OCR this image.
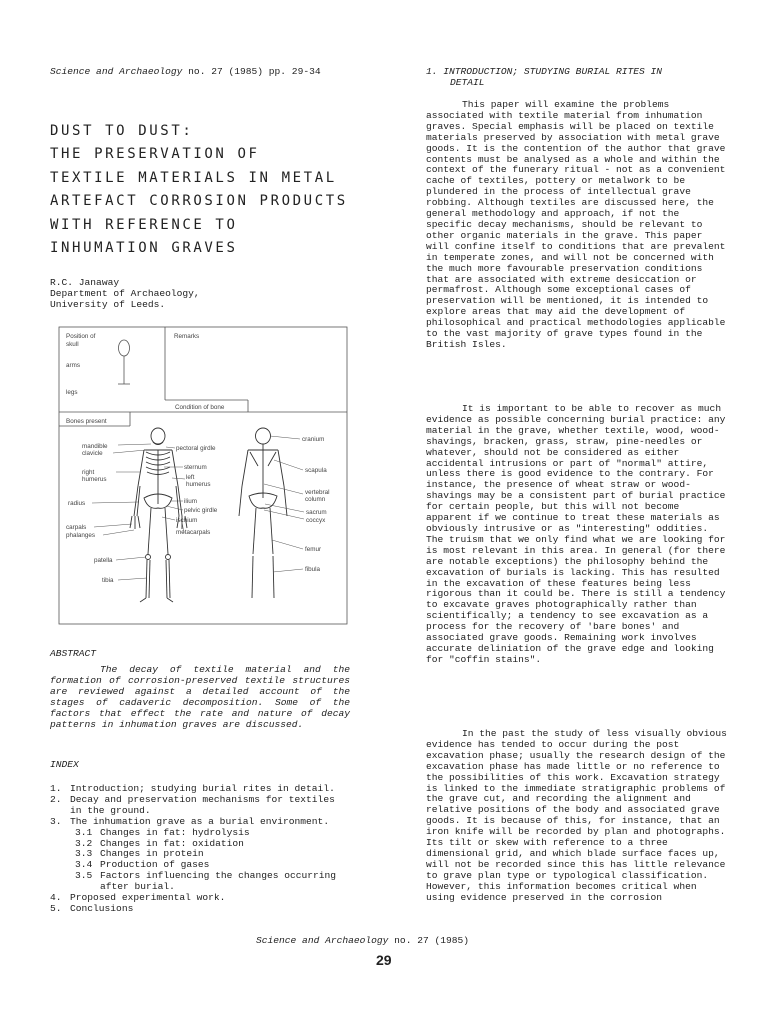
Science and Archaeology no. 27 (1985) pp. 29-34
DUST TO DUST:
THE PRESERVATION OF
TEXTILE MATERIALS IN METAL
ARTEFACT CORROSION PRODUCTS
WITH REFERENCE TO
INHUMATION GRAVES
R.C. Janaway
Department of Archaeology,
University of Leeds.
Position of
skull
arms
legs
Remarks
Condition of bone
Bones present
mandible
clavicle
right
humerus
radius
carpals
phalanges
patella
tibia
pectoral girdle
sternum
left
humerus
ilium
pelvic girdle
ischium
metacarpals
cranium
scapula
vertebral
column
sacrum
coccyx
femur
fibula
ABSTRACT
The decay of textile material and the formation of corrosion-preserved textile structures are reviewed against a detailed account of the stages of cadaveric decomposition. Some of the factors that effect the rate and nature of decay patterns in inhumation graves are discussed.
INDEX
1. Introduction; studying burial rites in detail.
2. Decay and preservation mechanisms for textiles
in the ground.
3. The inhumation grave as a burial environment.
3.1 Changes in fat: hydrolysis
3.2 Changes in fat: oxidation
3.3 Changes in protein
3.4 Production of gases
3.5 Factors influencing the changes occurring
after burial.
4. Proposed experimental work.
5. Conclusions
1. INTRODUCTION; STUDYING BURIAL RITES IN
DETAIL

This paper will examine the problems associated with textile material from inhumation graves. Special emphasis will be placed on textile materials preserved by association with metal grave goods. It is the contention of the author that grave contents must be analysed as a whole and within the context of the funerary ritual - not as a convenient cache of textiles, pottery or metalwork to be plundered in the process of intellectual grave robbing. Although textiles are discussed here, the general methodology and approach, if not the specific decay mechanisms, should be relevant to other organic materials in the grave. This paper will confine itself to conditions that are prevalent in temperate zones, and will not be concerned with the much more favourable preservation conditions that are associated with extreme desiccation or permafrost. Although some exceptional cases of preservation will be mentioned, it is intended to explore areas that may aid the development of philosophical and practical methodologies applicable to the vast majority of grave types found in the British Isles.

It is important to be able to recover as much evidence as possible concerning burial practice: any material in the grave, whether textile, wood, wood-shavings, bracken, grass, straw, pine-needles or whatever, should not be considered as either accidental intrusions or part of "normal" attire, unless there is good evidence to the contrary. For instance, the presence of wheat straw or wood-shavings may be a consistent part of burial practice for certain people, but this will not become apparent if we continue to treat these materials as obviously intrusive or as "interesting" oddities. The truism that we only find what we are looking for is most relevant in this area. In general (for there are notable exceptions) the philosophy behind the excavation of burials is lacking. This has resulted in the excavation of these features being less rigorous than it could be. There is still a tendency to excavate graves photographically rather than scientifically; a tendency to see excavation as a process for the recovery of 'bare bones' and associated grave goods. Remaining work involves accurate deliniation of the grave edge and looking for "coffin stains".

In the past the study of less visually obvious evidence has tended to occur during the post excavation phase; usually the research design of the excavation phase has made little or no reference to the possibilities of this work. Excavation strategy is linked to the immediate stratigraphic problems of the grave cut, and recording the alignment and relative positions of the body and associated grave goods. It is because of this, for instance, that an iron knife will be recorded by plan and photographs. Its tilt or skew with reference to a three dimensional grid, and which blade surface faces up, will not be recorded since this has little relevance to grave plan type or typological classification. However, this information becomes critical when using evidence preserved in the corrosion

Science and Archaeology no. 27 (1985)
29
